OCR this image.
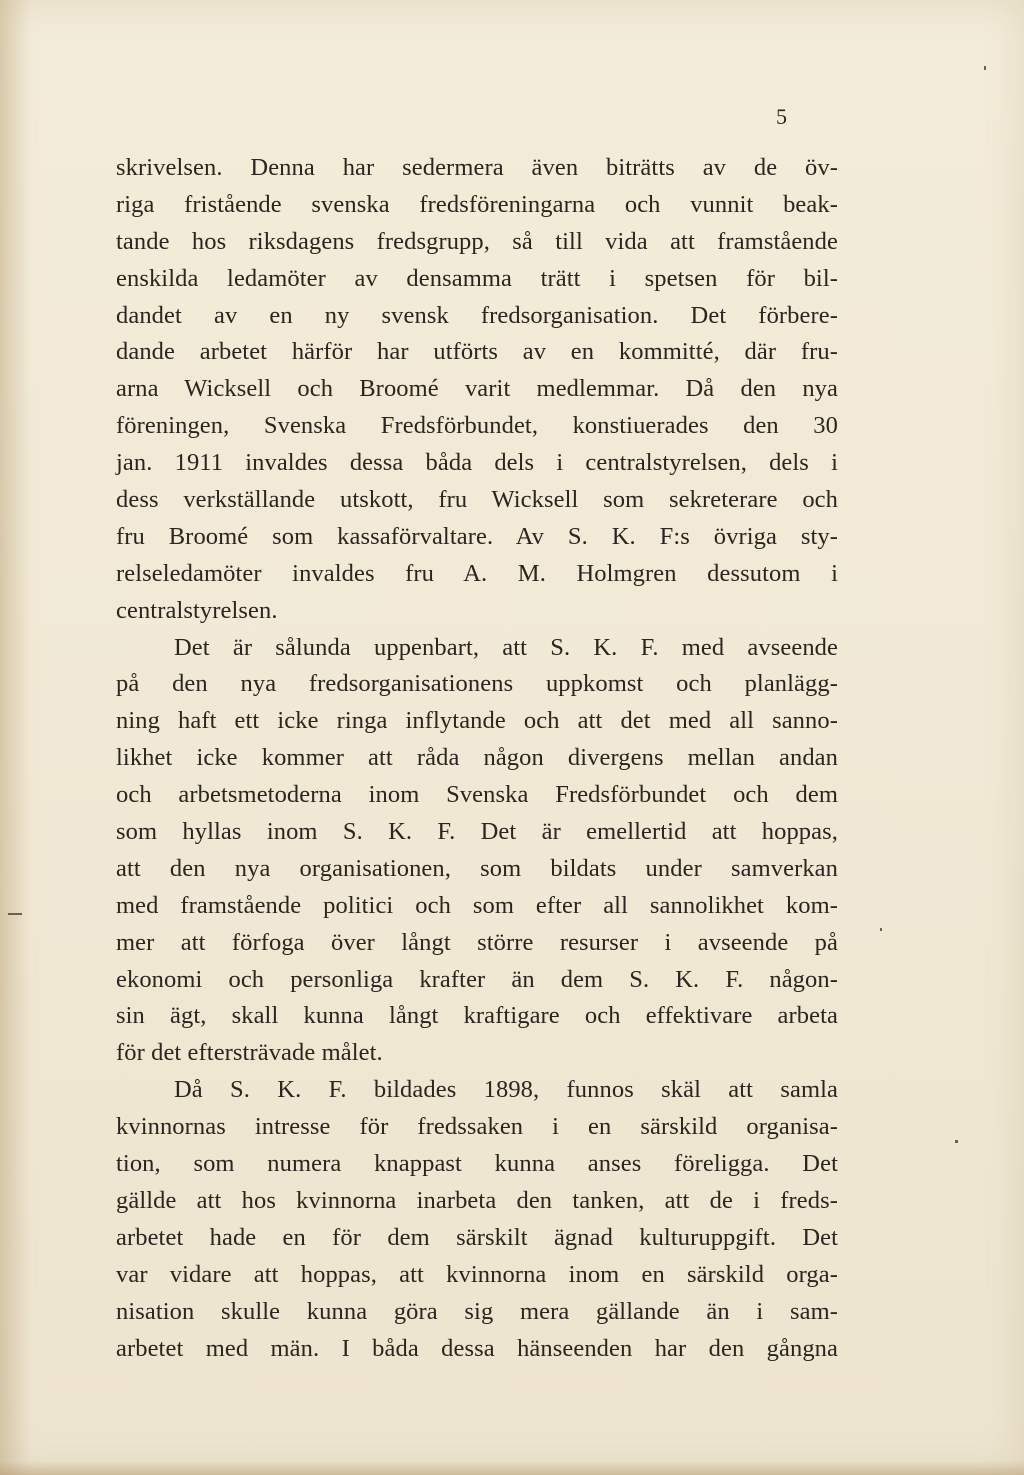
5
skrivelsen. Denna har sedermera även biträtts av de öv-
riga fristående svenska fredsföreningarna och vunnit beak-
tande hos riksdagens fredsgrupp, så till vida att framstående
enskilda ledamöter av densamma trätt i spetsen för bil-
dandet av en ny svensk fredsorganisation. Det förbere-
dande arbetet härför har utförts av en kommitté, där fru-
arna Wicksell och Broomé varit medlemmar. Då den nya
föreningen, Svenska Fredsförbundet, konstiuerades den 30
jan. 1911 invaldes dessa båda dels i centralstyrelsen, dels i
dess verkställande utskott, fru Wicksell som sekreterare och
fru Broomé som kassaförvaltare. Av S. K. F:s övriga sty-
relseledamöter invaldes fru A. M. Holmgren dessutom i
centralstyrelsen.
Det är sålunda uppenbart, att S. K. F. med avseende
på den nya fredsorganisationens uppkomst och planlägg-
ning haft ett icke ringa inflytande och att det med all sanno-
likhet icke kommer att råda någon divergens mellan andan
och arbetsmetoderna inom Svenska Fredsförbundet och dem
som hyllas inom S. K. F. Det är emellertid att hoppas,
att den nya organisationen, som bildats under samverkan
med framstående politici och som efter all sannolikhet kom-
mer att förfoga över långt större resurser i avseende på
ekonomi och personliga krafter än dem S. K. F. någon-
sin ägt, skall kunna långt kraftigare och effektivare arbeta
för det eftersträvade målet.
Då S. K. F. bildades 1898, funnos skäl att samla
kvinnornas intresse för fredssaken i en särskild organisa-
tion, som numera knappast kunna anses föreligga. Det
gällde att hos kvinnorna inarbeta den tanken, att de i freds-
arbetet hade en för dem särskilt ägnad kulturuppgift. Det
var vidare att hoppas, att kvinnorna inom en särskild orga-
nisation skulle kunna göra sig mera gällande än i sam-
arbetet med män. I båda dessa hänseenden har den gångna
